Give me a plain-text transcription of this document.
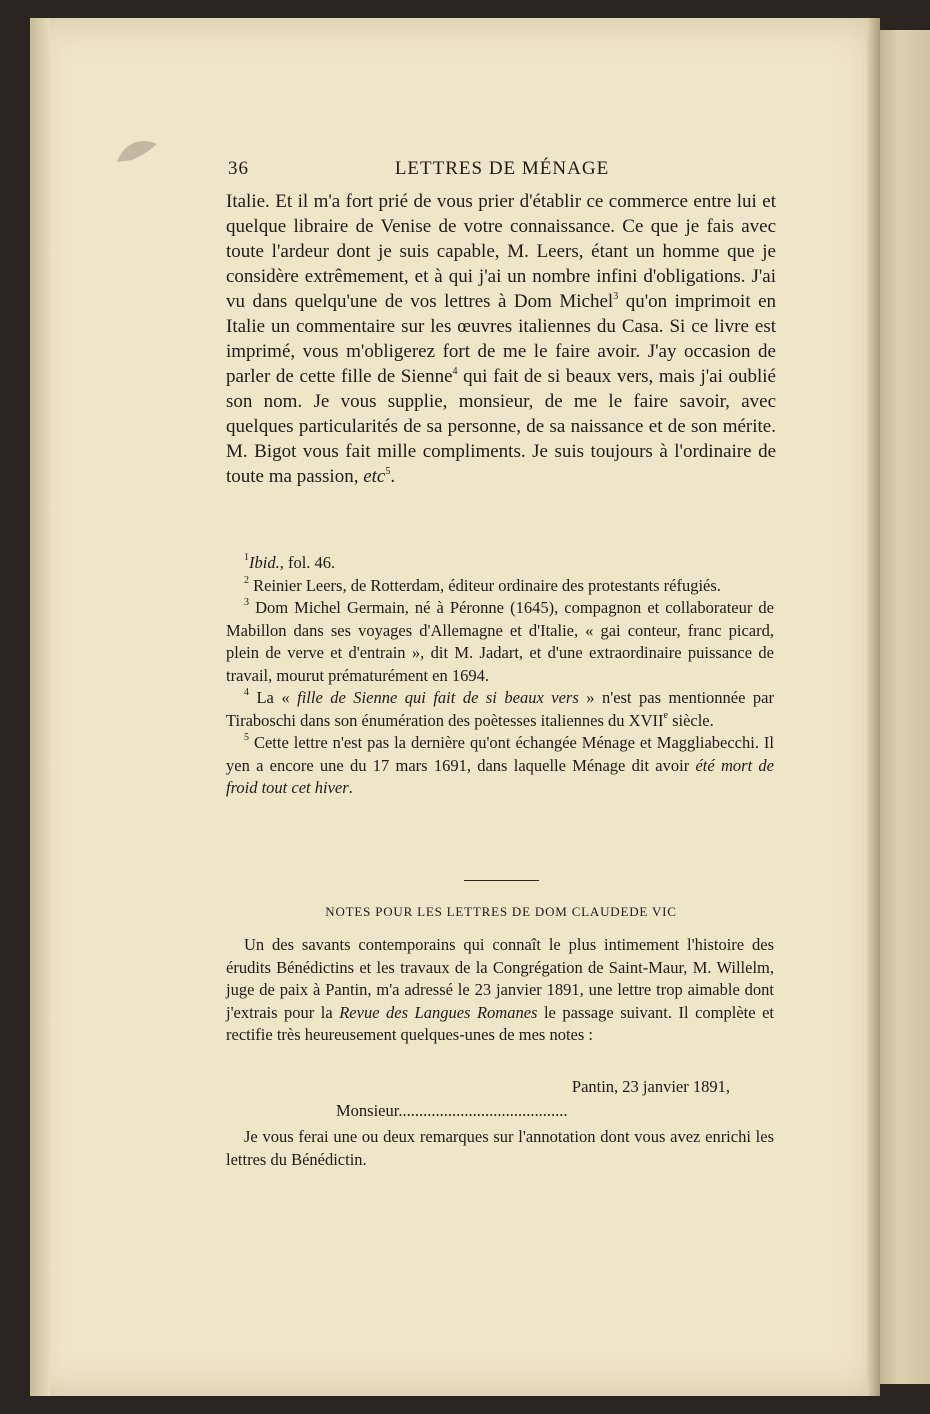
36	LETTRES DE MÉNAGE

Italie. Et il m'a fort prié de vous prier d'établir ce commerce entre lui et quelque libraire de Venise de votre connaissance. Ce que je fais avec toute l'ardeur dont je suis capable, M. Leers, étant un homme que je considère extrêmement, et à qui j'ai un nombre infini d'obligations. J'ai vu dans quelqu'une de vos lettres à Dom Michel$^3$ qu'on imprimoit en Italie un commentaire sur les œuvres italiennes du Casa. Si ce livre est imprimé, vous m'obligerez fort de me le faire avoir. J'ay occasion de parler de cette fille de Sienne$^4$ qui fait de si beaux vers, mais j'ai oublié son nom. Je vous supplie, monsieur, de me le faire savoir, avec quelques particularités de sa personne, de sa naissance et de son mérite. M. Bigot vous fait mille compliments. Je suis toujours à l'ordinaire de toute ma passion, etc$^5$.

$^1$Ibid., fol. 46.

$^2$ Reinier Leers, de Rotterdam, éditeur ordinaire des protestants réfugiés.

$^3$ Dom Michel Germain, né à Péronne (1645), compagnon et collaborateur de Mabillon dans ses voyages d'Allemagne et d'Italie, « gai conteur, franc picard, plein de verve et d'entrain », dit M. Jadart, et d'une extraordinaire puissance de travail, mourut prématurément en 1694.

$^4$ La « fille de Sienne qui fait de si beaux vers » n'est pas mentionnée par Tiraboschi dans son énumération des poètesses italiennes du XVIIe siècle.

$^5$ Cette lettre n'est pas la dernière qu'ont échangée Ménage et Maggliabecchi. Il yen a encore une du 17 mars 1691, dans laquelle Ménage dit avoir été mort de froid tout cet hiver.

NOTES POUR LES LETTRES DE DOM CLAUDEDE VIC

Un des savants contemporains qui connaît le plus intimement l'histoire des érudits Bénédictins et les travaux de la Congrégation de Saint-Maur, M. Willelm, juge de paix à Pantin, m'a adressé le 23 janvier 1891, une lettre trop aimable dont j'extrais pour la Revue des Langues Romanes le passage suivant. Il complète et rectifie très heureusement quelques-unes de mes notes :

Pantin, 23 janvier 1891,
Monsieur.........................................

Je vous ferai une ou deux remarques sur l'annotation dont vous avez enrichi les lettres du Bénédictin.
